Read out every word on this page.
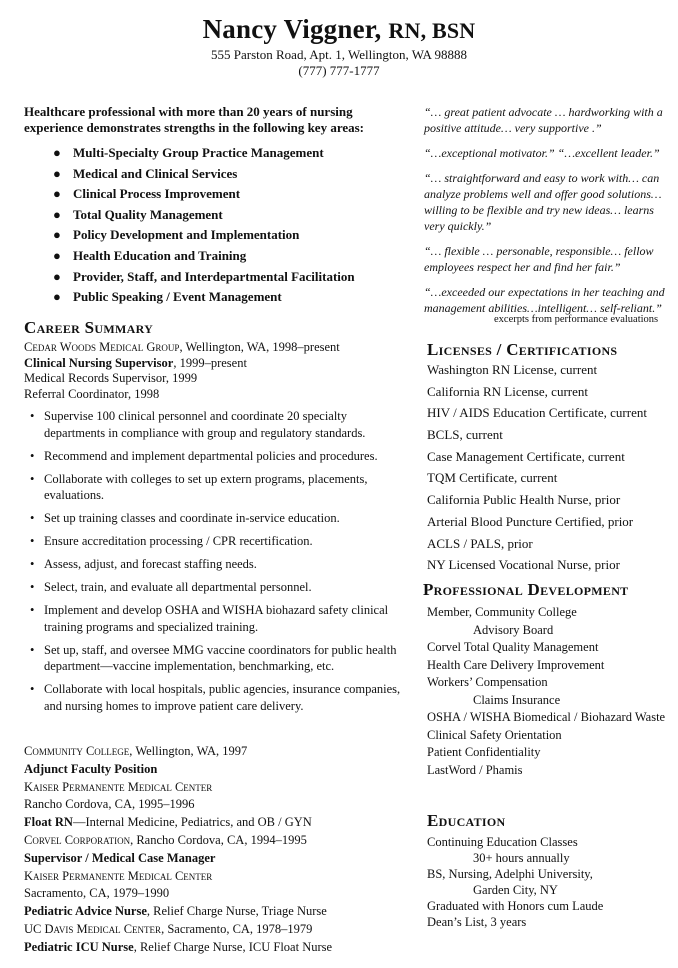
Nancy Viggner, RN, BSN
555 Parston Road, Apt. 1, Wellington, WA 98888
(777) 777-1777
Healthcare professional with more than 20 years of nursing experience demonstrates strengths in the following key areas:
● Multi-Specialty Group Practice Management
● Medical and Clinical Services
● Clinical Process Improvement
● Total Quality Management
● Policy Development and Implementation
● Health Education and Training
● Provider, Staff, and Interdepartmental Facilitation
● Public Speaking / Event Management
Career Summary
Cedar Woods Medical Group, Wellington, WA, 1998–present
Clinical Nursing Supervisor, 1999–present
Medical Records Supervisor, 1999
Referral Coordinator, 1998
• Supervise 100 clinical personnel and coordinate 20 specialty departments in compliance with group and regulatory standards.
• Recommend and implement departmental policies and procedures.
• Collaborate with colleges to set up extern programs, placements, evaluations.
• Set up training classes and coordinate in-service education.
• Ensure accreditation processing / CPR recertification.
• Assess, adjust, and forecast staffing needs.
• Select, train, and evaluate all departmental personnel.
• Implement and develop OSHA and WISHA biohazard safety clinical training programs and specialized training.
• Set up, staff, and oversee MMG vaccine coordinators for public health department—vaccine implementation, benchmarking, etc.
• Collaborate with local hospitals, public agencies, insurance companies, and nursing homes to improve patient care delivery.
Community College, Wellington, WA, 1997
Adjunct Faculty Position
Kaiser Permanente Medical Center
Rancho Cordova, CA, 1995–1996
Float RN—Internal Medicine, Pediatrics, and OB / GYN
Corvel Corporation, Rancho Cordova, CA, 1994–1995
Supervisor / Medical Case Manager
Kaiser Permanente Medical Center
Sacramento, CA, 1979–1990
Pediatric Advice Nurse, Relief Charge Nurse, Triage Nurse
UC Davis Medical Center, Sacramento, CA, 1978–1979
Pediatric ICU Nurse, Relief Charge Nurse, ICU Float Nurse
“… great patient advocate … hardworking with a positive attitude… very supportive .”
“…exceptional motivator.” “…excellent leader.”
“… straightforward and easy to work with… can analyze problems well and offer good solutions… willing to be flexible and try new ideas… learns very quickly.”
“… flexible … personable, responsible… fellow employees respect her and find her fair.”
“…exceeded our expectations in her teaching and management abilities…intelligent… self-reliant.”
excerpts from performance evaluations
Licenses / Certifications
Washington RN License, current
California RN License, current
HIV / AIDS Education Certificate, current
BCLS, current
Case Management Certificate, current
TQM Certificate, current
California Public Health Nurse, prior
Arterial Blood Puncture Certified, prior
ACLS / PALS, prior
NY Licensed Vocational Nurse, prior
Professional Development
Member, Community College
Advisory Board
Corvel Total Quality Management
Health Care Delivery Improvement
Workers’ Compensation
Claims Insurance
OSHA / WISHA Biomedical / Biohazard Waste
Clinical Safety Orientation
Patient Confidentiality
LastWord / Phamis
Education
Continuing Education Classes
30+ hours annually
BS, Nursing, Adelphi University,
Garden City, NY
Graduated with Honors cum Laude
Dean’s List, 3 years
